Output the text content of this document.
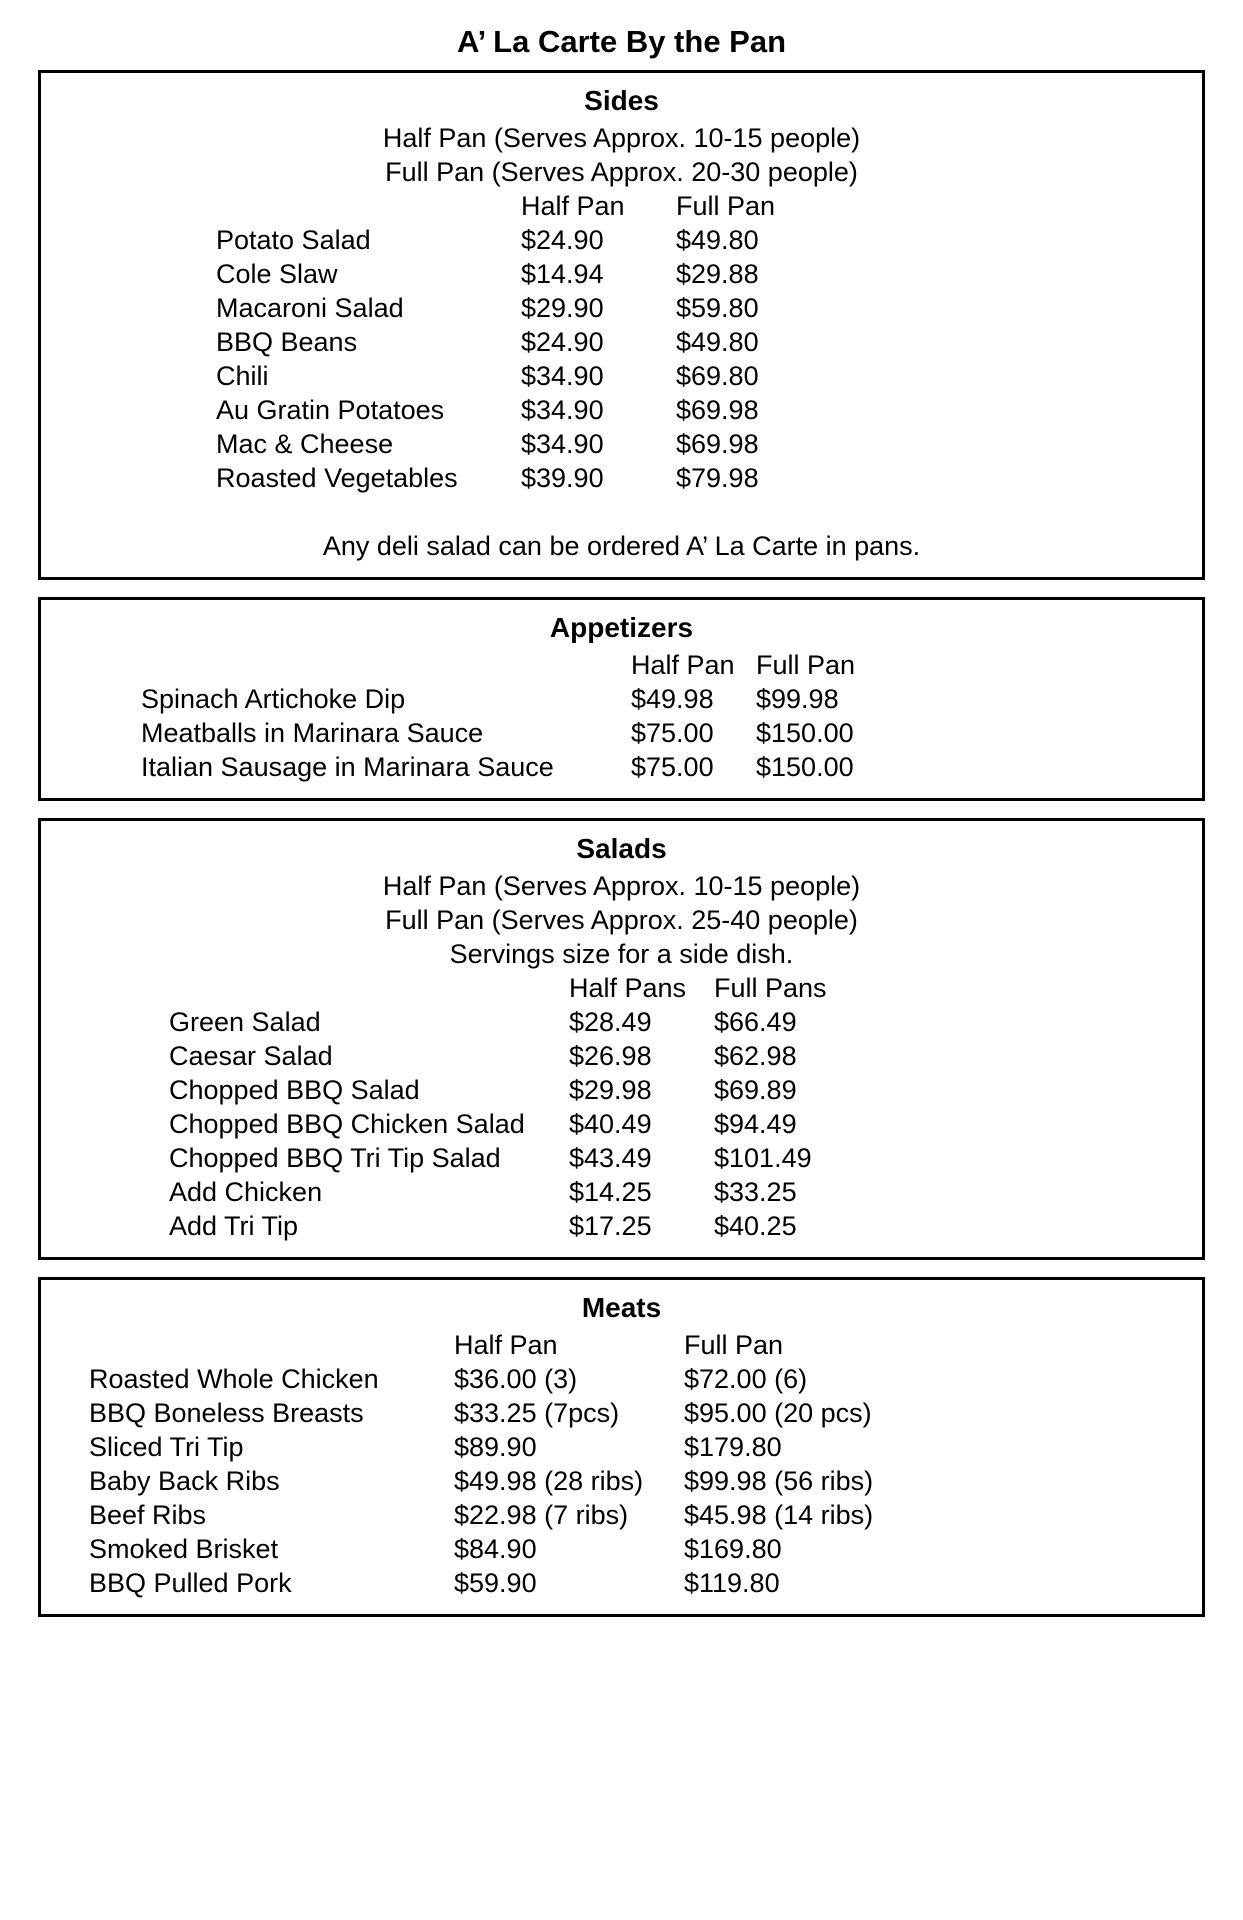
A’ La Carte By the Pan
Sides

Half Pan (Serves Approx. 10-15 people)

Full Pan (Serves Approx. 20-30 people)

Half Pan	Full Pan
Potato Salad	$24.90	$49.80
Cole Slaw	$14.94	$29.88
Macaroni Salad	$29.90	$59.80
BBQ Beans	$24.90	$49.80
Chili	$34.90	$69.80
Au Gratin Potatoes	$34.90	$69.98
Mac & Cheese	$34.90	$69.98
Roasted Vegetables	$39.90	$79.98

Any deli salad can be ordered A’ La Carte in pans.

Appetizers
Half Pan Full Pan
Spinach Artichoke Dip	$49.98	$99.98
Meatballs in Marinara Sauce	$75.00	$150.00
Italian Sausage in Marinara Sauce	$75.00	$150.00
Salads

Half Pan (Serves Approx. 10-15 people)

Full Pan (Serves Approx. 25-40 people)

Servings size for a side dish.

Half Pans	Full Pans
Green Salad	$28.49	$66.49
Caesar Salad	$26.98	$62.98
Chopped BBQ Salad	$29.98	$69.89
Chopped BBQ Chicken Salad	$40.49	$94.49
Chopped BBQ Tri Tip Salad	$43.49	$101.49
Add Chicken	$14.25	$33.25
Add Tri Tip	$17.25	$40.25
Meats
Half Pan	Full Pan
Roasted Whole Chicken	$36.00 (3)	$72.00 (6)
BBQ Boneless Breasts	$33.25 (7pcs)	$95.00 (20 pcs)
Sliced Tri Tip	$89.90	$179.80
Baby Back Ribs	$49.98 (28 ribs)	$99.98 (56 ribs)
Beef Ribs	$22.98 (7 ribs)	$45.98 (14 ribs)
Smoked Brisket	$84.90	$169.80
BBQ Pulled Pork	$59.90	$119.80
